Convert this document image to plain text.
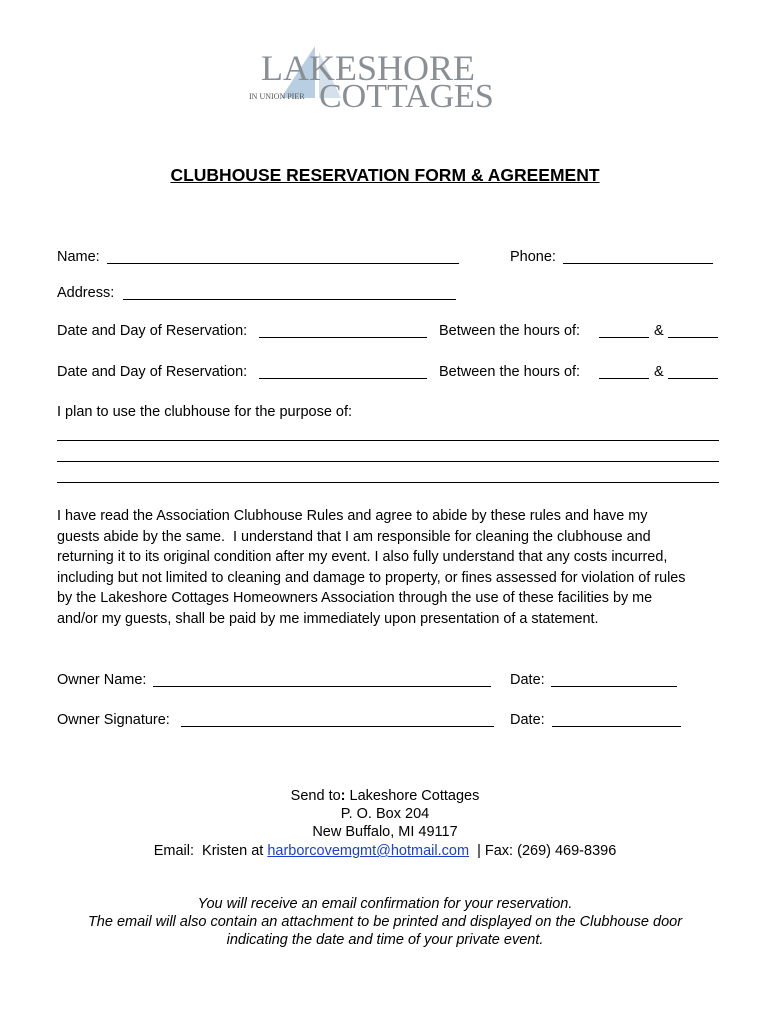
LAKESHORE
IN UNION PIER COTTAGES
CLUBHOUSE RESERVATION FORM & AGREEMENT
Name:	Phone:
Address:
Date and Day of Reservation:	Between the hours of:	&
Date and Day of Reservation:	Between the hours of:	&
I plan to use the clubhouse for the purpose of:
I have read the Association Clubhouse Rules and agree to abide by these rules and have my
guests abide by the same.  I understand that I am responsible for cleaning the clubhouse and
returning it to its original condition after my event. I also fully understand that any costs incurred,
including but not limited to cleaning and damage to property, or fines assessed for violation of rules
by the Lakeshore Cottages Homeowners Association through the use of these facilities by me
and/or my guests, shall be paid by me immediately upon presentation of a statement.
Owner Name:	Date:
Owner Signature:	Date:
Send to: Lakeshore Cottages
P. O. Box 204
New Buffalo, MI 49117
Email:  Kristen at harborcovemgmt@hotmail.com  | Fax: (269) 469-8396
You will receive an email confirmation for your reservation.
The email will also contain an attachment to be printed and displayed on the Clubhouse door
indicating the date and time of your private event.
